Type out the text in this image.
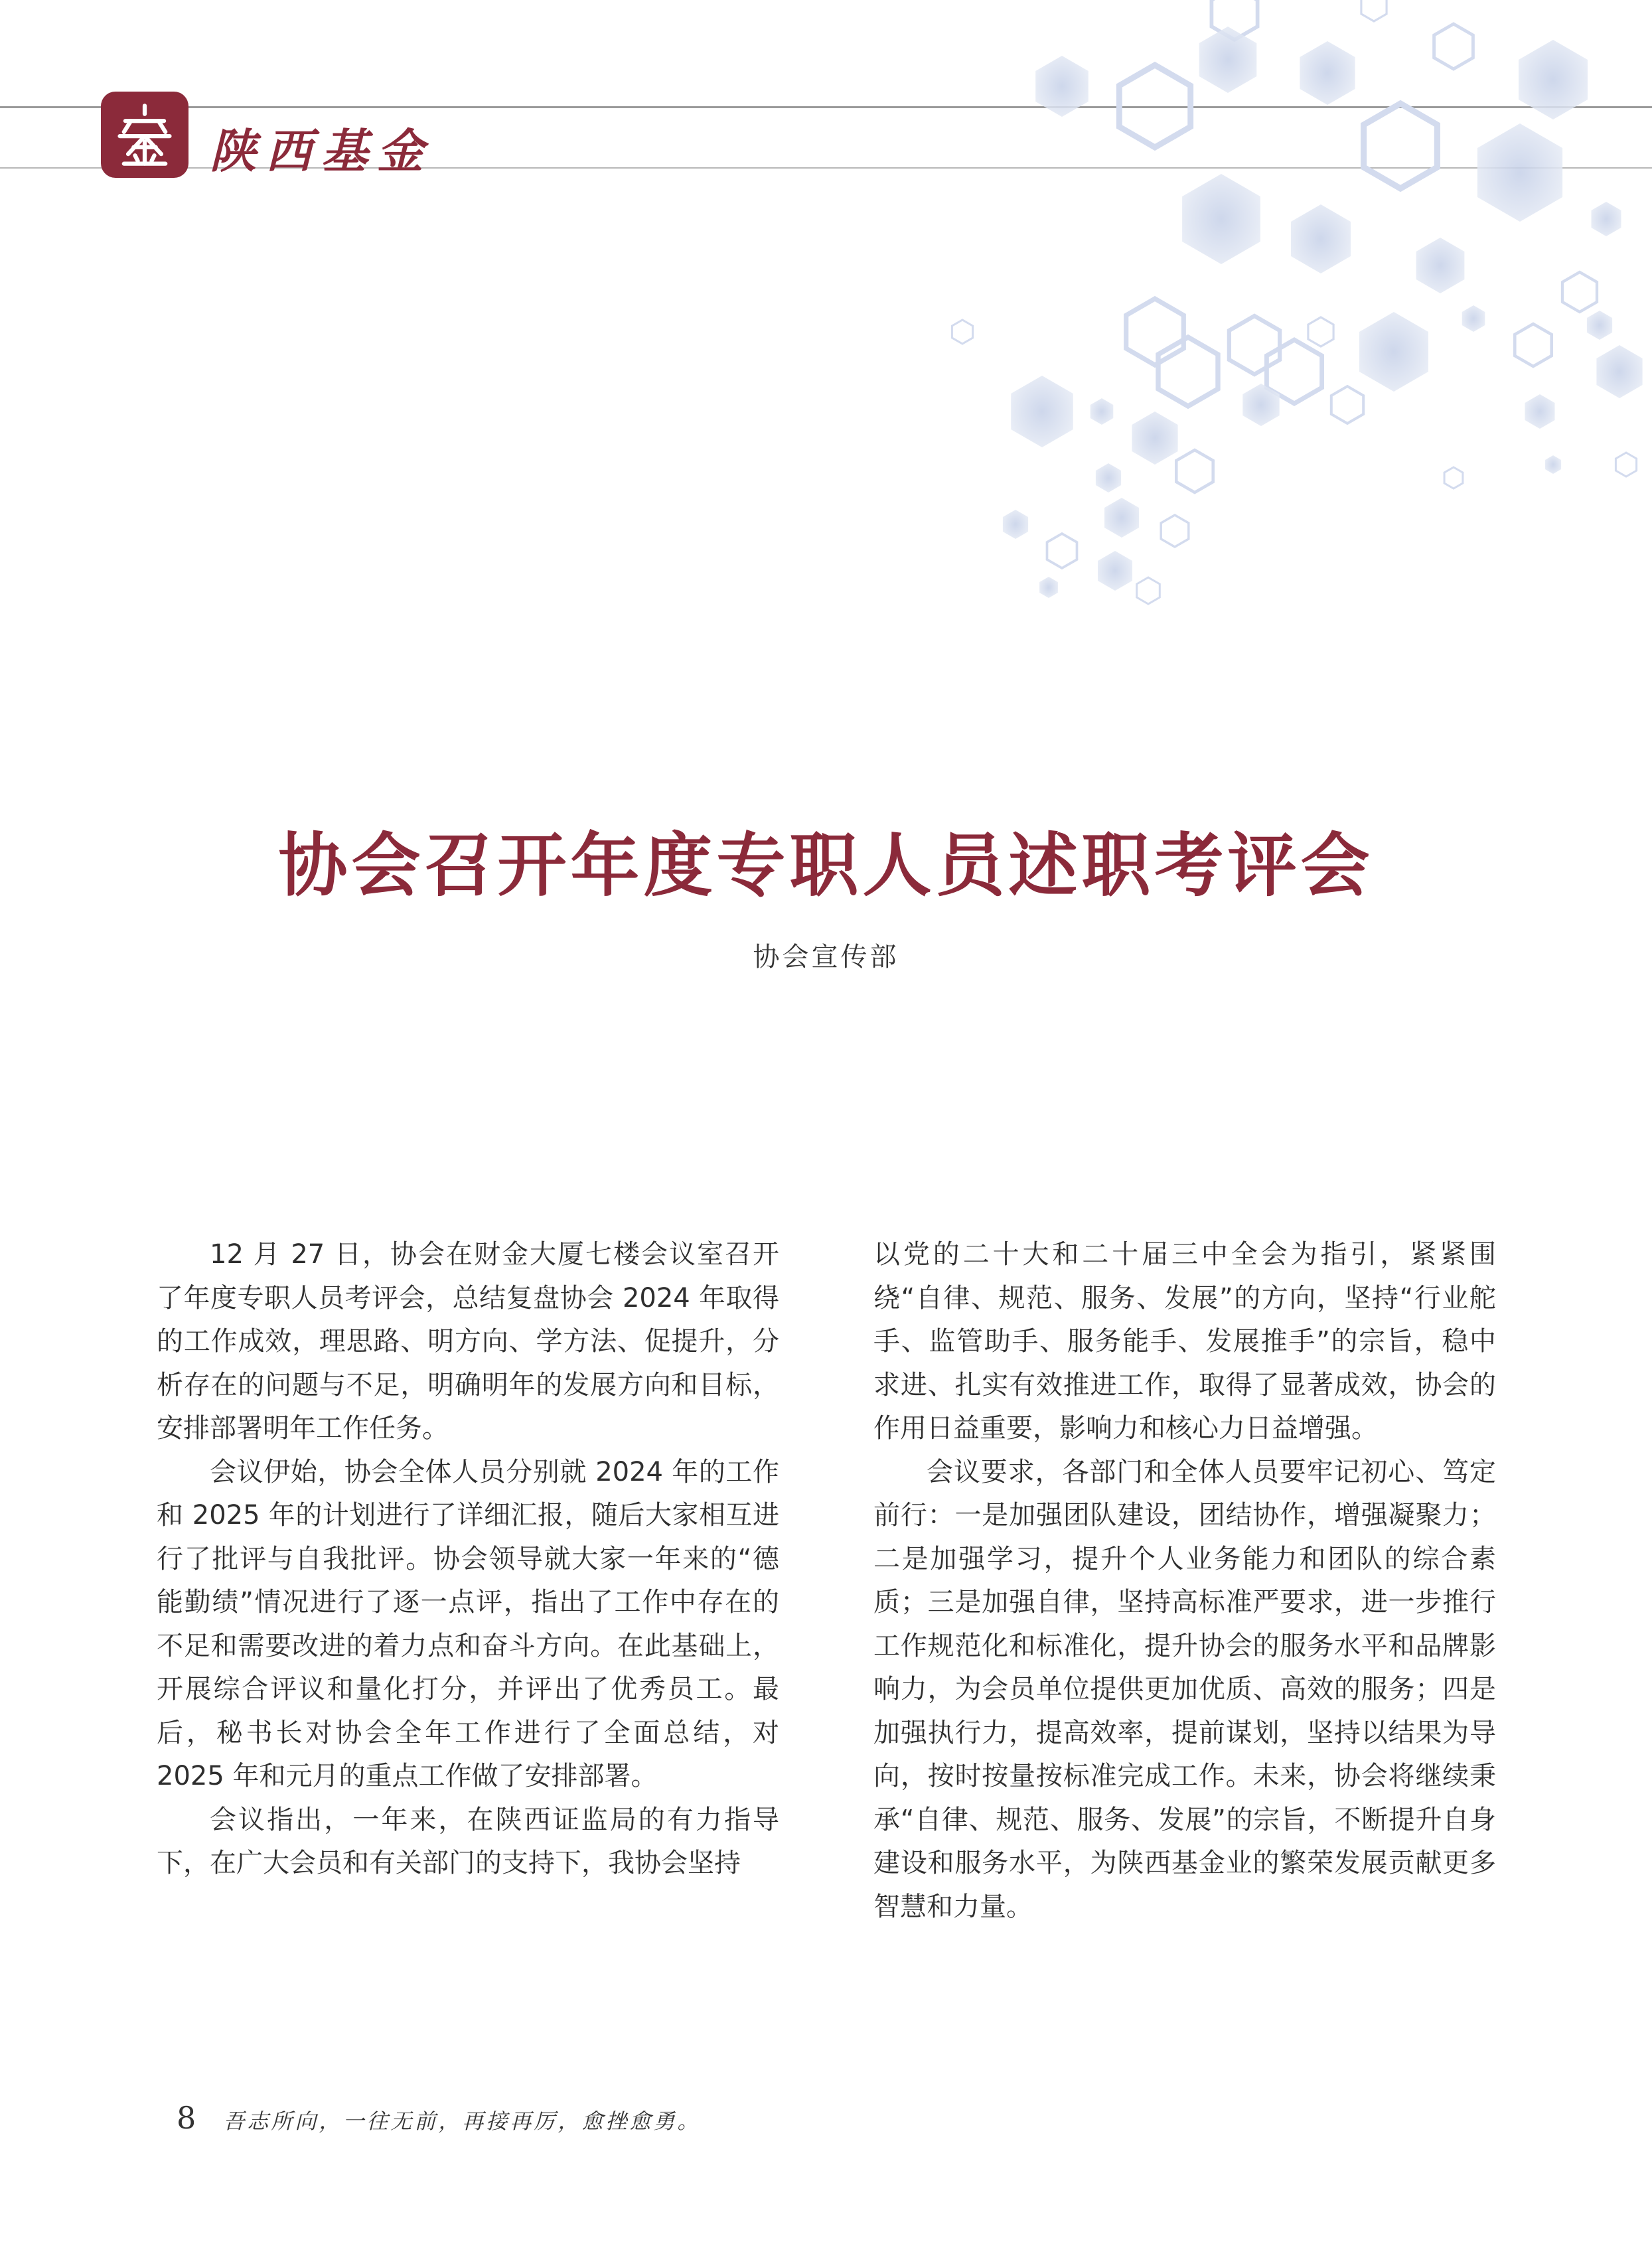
陕西基金
协会召开年度专职人员述职考评会
协会宣传部

12 月 27 日，协会在财金大厦七楼会议室召开了年度专职人员考评会，总结复盘协会 2024 年取得的工作成效，理思路、明方向、学方法、促提升，分析存在的问题与不足，明确明年的发展方向和目标，安排部署明年工作任务。

会议伊始，协会全体人员分别就 2024 年的工作和 2025 年的计划进行了详细汇报，随后大家相互进行了批评与自我批评。协会领导就大家一年来的“德能勤绩”情况进行了逐一点评，指出了工作中存在的不足和需要改进的着力点和奋斗方向。在此基础上，开展综合评议和量化打分，并评出了优秀员工。最后，秘书长对协会全年工作进行了全面总结，对 2025 年和元月的重点工作做了安排部署。

会议指出，一年来，在陕西证监局的有力指导下，在广大会员和有关部门的支持下，我协会坚持

以党的二十大和二十届三中全会为指引，紧紧围绕“自律、规范、服务、发展”的方向，坚持“行业舵手、监管助手、服务能手、发展推手”的宗旨，稳中求进、扎实有效推进工作，取得了显著成效，协会的作用日益重要，影响力和核心力日益增强。

会议要求，各部门和全体人员要牢记初心、笃定前行：一是加强团队建设，团结协作，增强凝聚力；二是加强学习，提升个人业务能力和团队的综合素质；三是加强自律，坚持高标准严要求，进一步推行工作规范化和标准化，提升协会的服务水平和品牌影响力，为会员单位提供更加优质、高效的服务；四是加强执行力，提高效率，提前谋划，坚持以结果为导向，按时按量按标准完成工作。未来，协会将继续秉承“自律、规范、服务、发展”的宗旨，不断提升自身建设和服务水平，为陕西基金业的繁荣发展贡献更多智慧和力量。

8 吾志所向，一往无前，再接再厉，愈挫愈勇。
